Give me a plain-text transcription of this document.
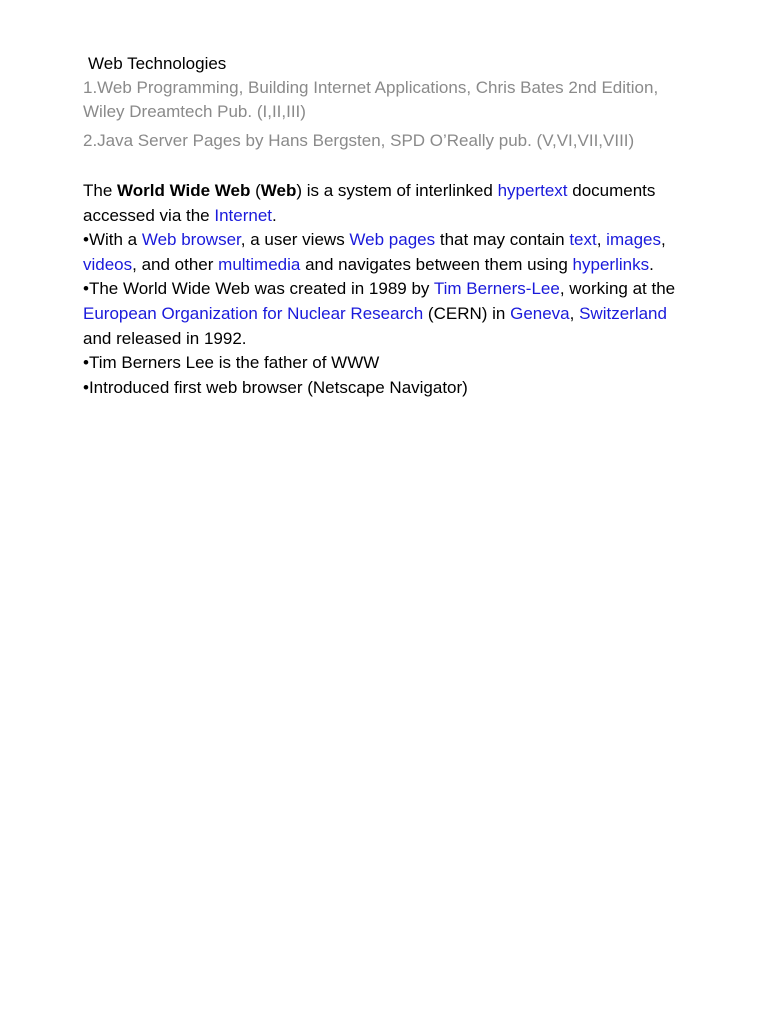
Web Technologies

1.Web Programming, Building Internet Applications, Chris Bates 2nd Edition, Wiley Dreamtech Pub. (I,II,III)

2.Java Server Pages by Hans Bergsten, SPD O’Really pub. (V,VI,VII,VIII)

The World Wide Web (Web) is a system of interlinked hypertext documents accessed via the Internet.

•With a Web browser, a user views Web pages that may contain text, images, videos, and other multimedia and navigates between them using hyperlinks.

•The World Wide Web was created in 1989 by Tim Berners-Lee, working at the European Organization for Nuclear Research (CERN) in Geneva, Switzerland and released in 1992.

•Tim Berners Lee is the father of WWW

•Introduced first web browser (Netscape Navigator)
